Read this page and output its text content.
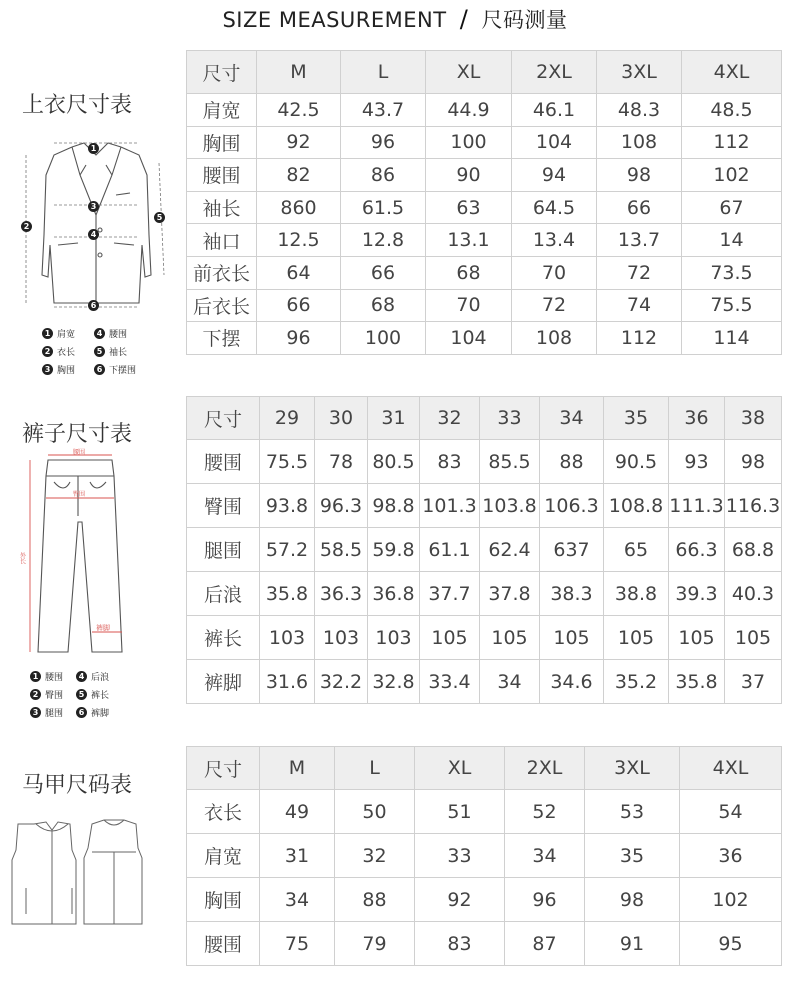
SIZE MEASUREMENT / 尺码测量
上衣尺寸表
1
2
3
4
5
6
1 肩宽	4 腰围
2 衣长	5 袖长
3 胸围	6 下摆围
尺寸	M	L	XL	2XL	3XL	4XL
肩宽	42.5	43.7	44.9	46.1	48.3	48.5
胸围	92	96	100	104	108	112
腰围	82	86	90	94	98	102
袖长	860	61.5	63	64.5	66	67
袖口	12.5	12.8	13.1	13.4	13.7	14
前衣长	64	66	68	70	72	73.5
后衣长	66	68	70	72	74	75.5
下摆	96	100	104	108	112	114
裤子尺寸表
腰围
臀围
外长
裤脚
1 腰围	4 后浪
2 臀围	5 裤长
3 腿围	6 裤脚
尺寸	29	30	31	32	33	34	35	36	38
腰围	75.5	78	80.5	83	85.5	88	90.5	93	98
臀围	93.8	96.3	98.8	101.3	103.8	106.3	108.8	111.3	116.3
腿围	57.2	58.5	59.8	61.1	62.4	637	65	66.3	68.8
后浪	35.8	36.3	36.8	37.7	37.8	38.3	38.8	39.3	40.3
裤长	103	103	103	105	105	105	105	105	105
裤脚	31.6	32.2	32.8	33.4	34	34.6	35.2	35.8	37
马甲尺码表
尺寸	M	L	XL	2XL	3XL	4XL
衣长	49	50	51	52	53	54
肩宽	31	32	33	34	35	36
胸围	34	88	92	96	98	102
腰围	75	79	83	87	91	95
